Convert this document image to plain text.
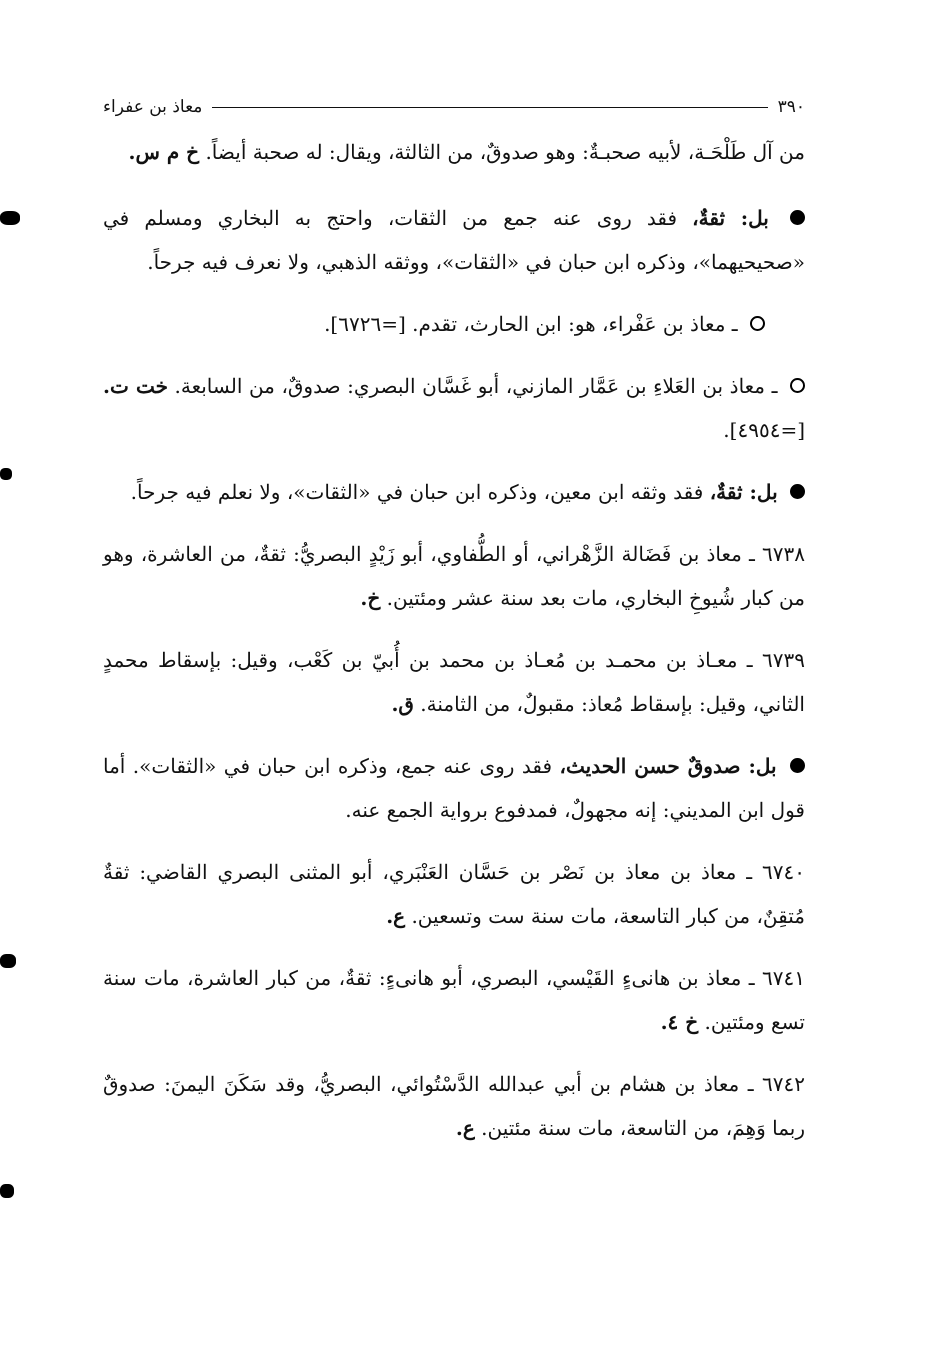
٣٩٠
معاذ بن عفراء

من آل طَلْحَـة، لأبيه صحبـةٌ: وهو صدوقٌ، من الثالثة، ويقال: له صحبة أيضاً. خ م س.

بل: ثقةٌ، فقد روى عنه جمع من الثقات، واحتج به البخاري ومسلم في «صحيحيهما»، وذكره ابن حبان في «الثقات»، ووثقه الذهبي، ولا نعرف فيه جرحاً.

ـ معاذ بن عَفْراء، هو: ابن الحارث، تقدم. [=٦٧٢٦].

ـ معاذ بن العَلاءِ بن عَمَّار المازني، أبو غَسَّان البصري: صدوقٌ، من السابعة. خت ت. [=٤٩٥٤].

بل: ثقةٌ، فقد وثقه ابن معين، وذكره ابن حبان في «الثقات»، ولا نعلم فيه جرحاً.

٦٧٣٨ ـ معاذ بن فَضَالة الزَّهْراني، أو الطُّفاوي، أبو زَيْدٍ البصريُّ: ثقةٌ، من العاشرة، وهو من كبار شُيوخِ البخاري، مات بعد سنة عشر ومئتين. خ.

٦٧٣٩ ـ معـاذ بن محمـد بن مُعـاذ بن محمد بن أُبيّ بن كَعْب، وقيل: بإسقاط محمدٍ الثاني، وقيل: بإسقاط مُعاذ: مقبولٌ، من الثامنة. ق.

بل: صدوقٌ حسن الحديث، فقد روى عنه جمع، وذكره ابن حبان في «الثقات». أما قول ابن المديني: إنه مجهولٌ، فمدفوع برواية الجمع عنه.

٦٧٤٠ ـ معاذ بن معاذ بن نَصْر بن حَسَّان العَنْبَري، أبو المثنى البصري القاضي: ثقةٌ مُتقِنٌ، من كبار التاسعة، مات سنة ست وتسعين. ع.

٦٧٤١ ـ معاذ بن هانىءٍ القَيْسي، البصري، أبو هانىءٍ: ثقةٌ، من كبار العاشرة، مات سنة تسع ومئتين. خ ٤.

٦٧٤٢ ـ معاذ بن هشام بن أبي عبدالله الدَّسْتُوائي، البصريُّ، وقد سَكَنَ اليمنَ: صدوقٌ ربما وَهِمَ، من التاسعة، مات سنة مئتين. ع.
